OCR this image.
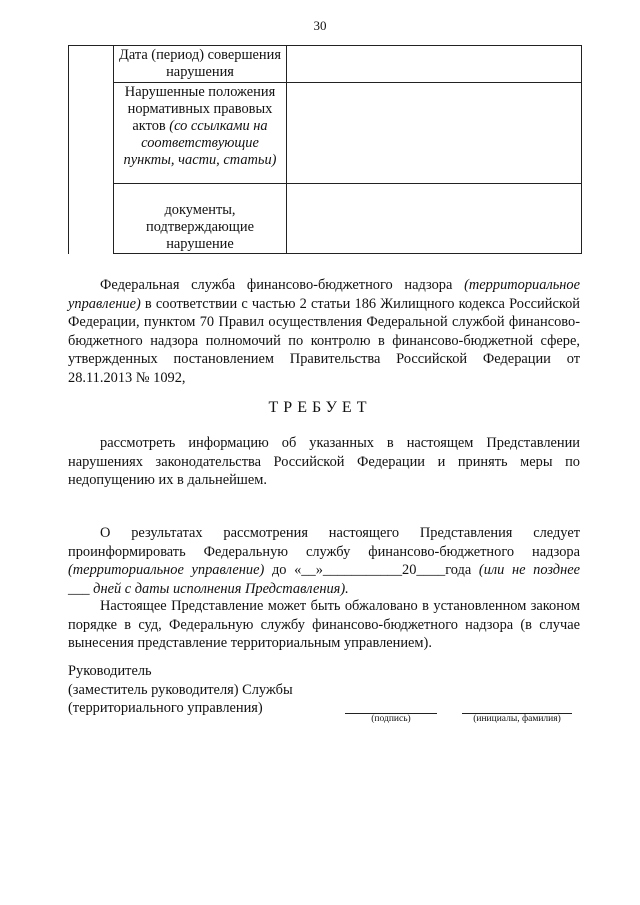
30

	Дата (период) совершения нарушения	

	Нарушенные положения нормативных правовых актов (со ссылками на соответствующие пункты, части, статьи)	

	документы, подтверждающие нарушение	

Федеральная служба финансово-бюджетного надзора (территориальное управление) в соответствии с частью 2 статьи 186 Жилищного кодекса Российской Федерации, пунктом 70 Правил осуществления Федеральной службой финансово-бюджетного надзора полномочий по контролю в финансово-бюджетной сфере, утвержденных постановлением Правительства Российской Федерации от 28.11.2013 № 1092,

ТРЕБУЕТ

рассмотреть информацию об указанных в настоящем Представлении нарушениях законодательства Российской Федерации и принять меры по недопущению их в дальнейшем.

О результатах рассмотрения настоящего Представления следует проинформировать Федеральную службу финансово-бюджетного надзора (территориальное управление) до «__»___________20____года (или не позднее ___ дней с даты исполнения Представления).

Настоящее Представление может быть обжаловано в установленном законом порядке в суд, Федеральную службу финансово-бюджетного надзора (в случае вынесения представление территориальным управлением).

Руководитель
(заместитель руководителя) Службы
(территориального управления)
(подпись)	(инициалы, фамилия)
